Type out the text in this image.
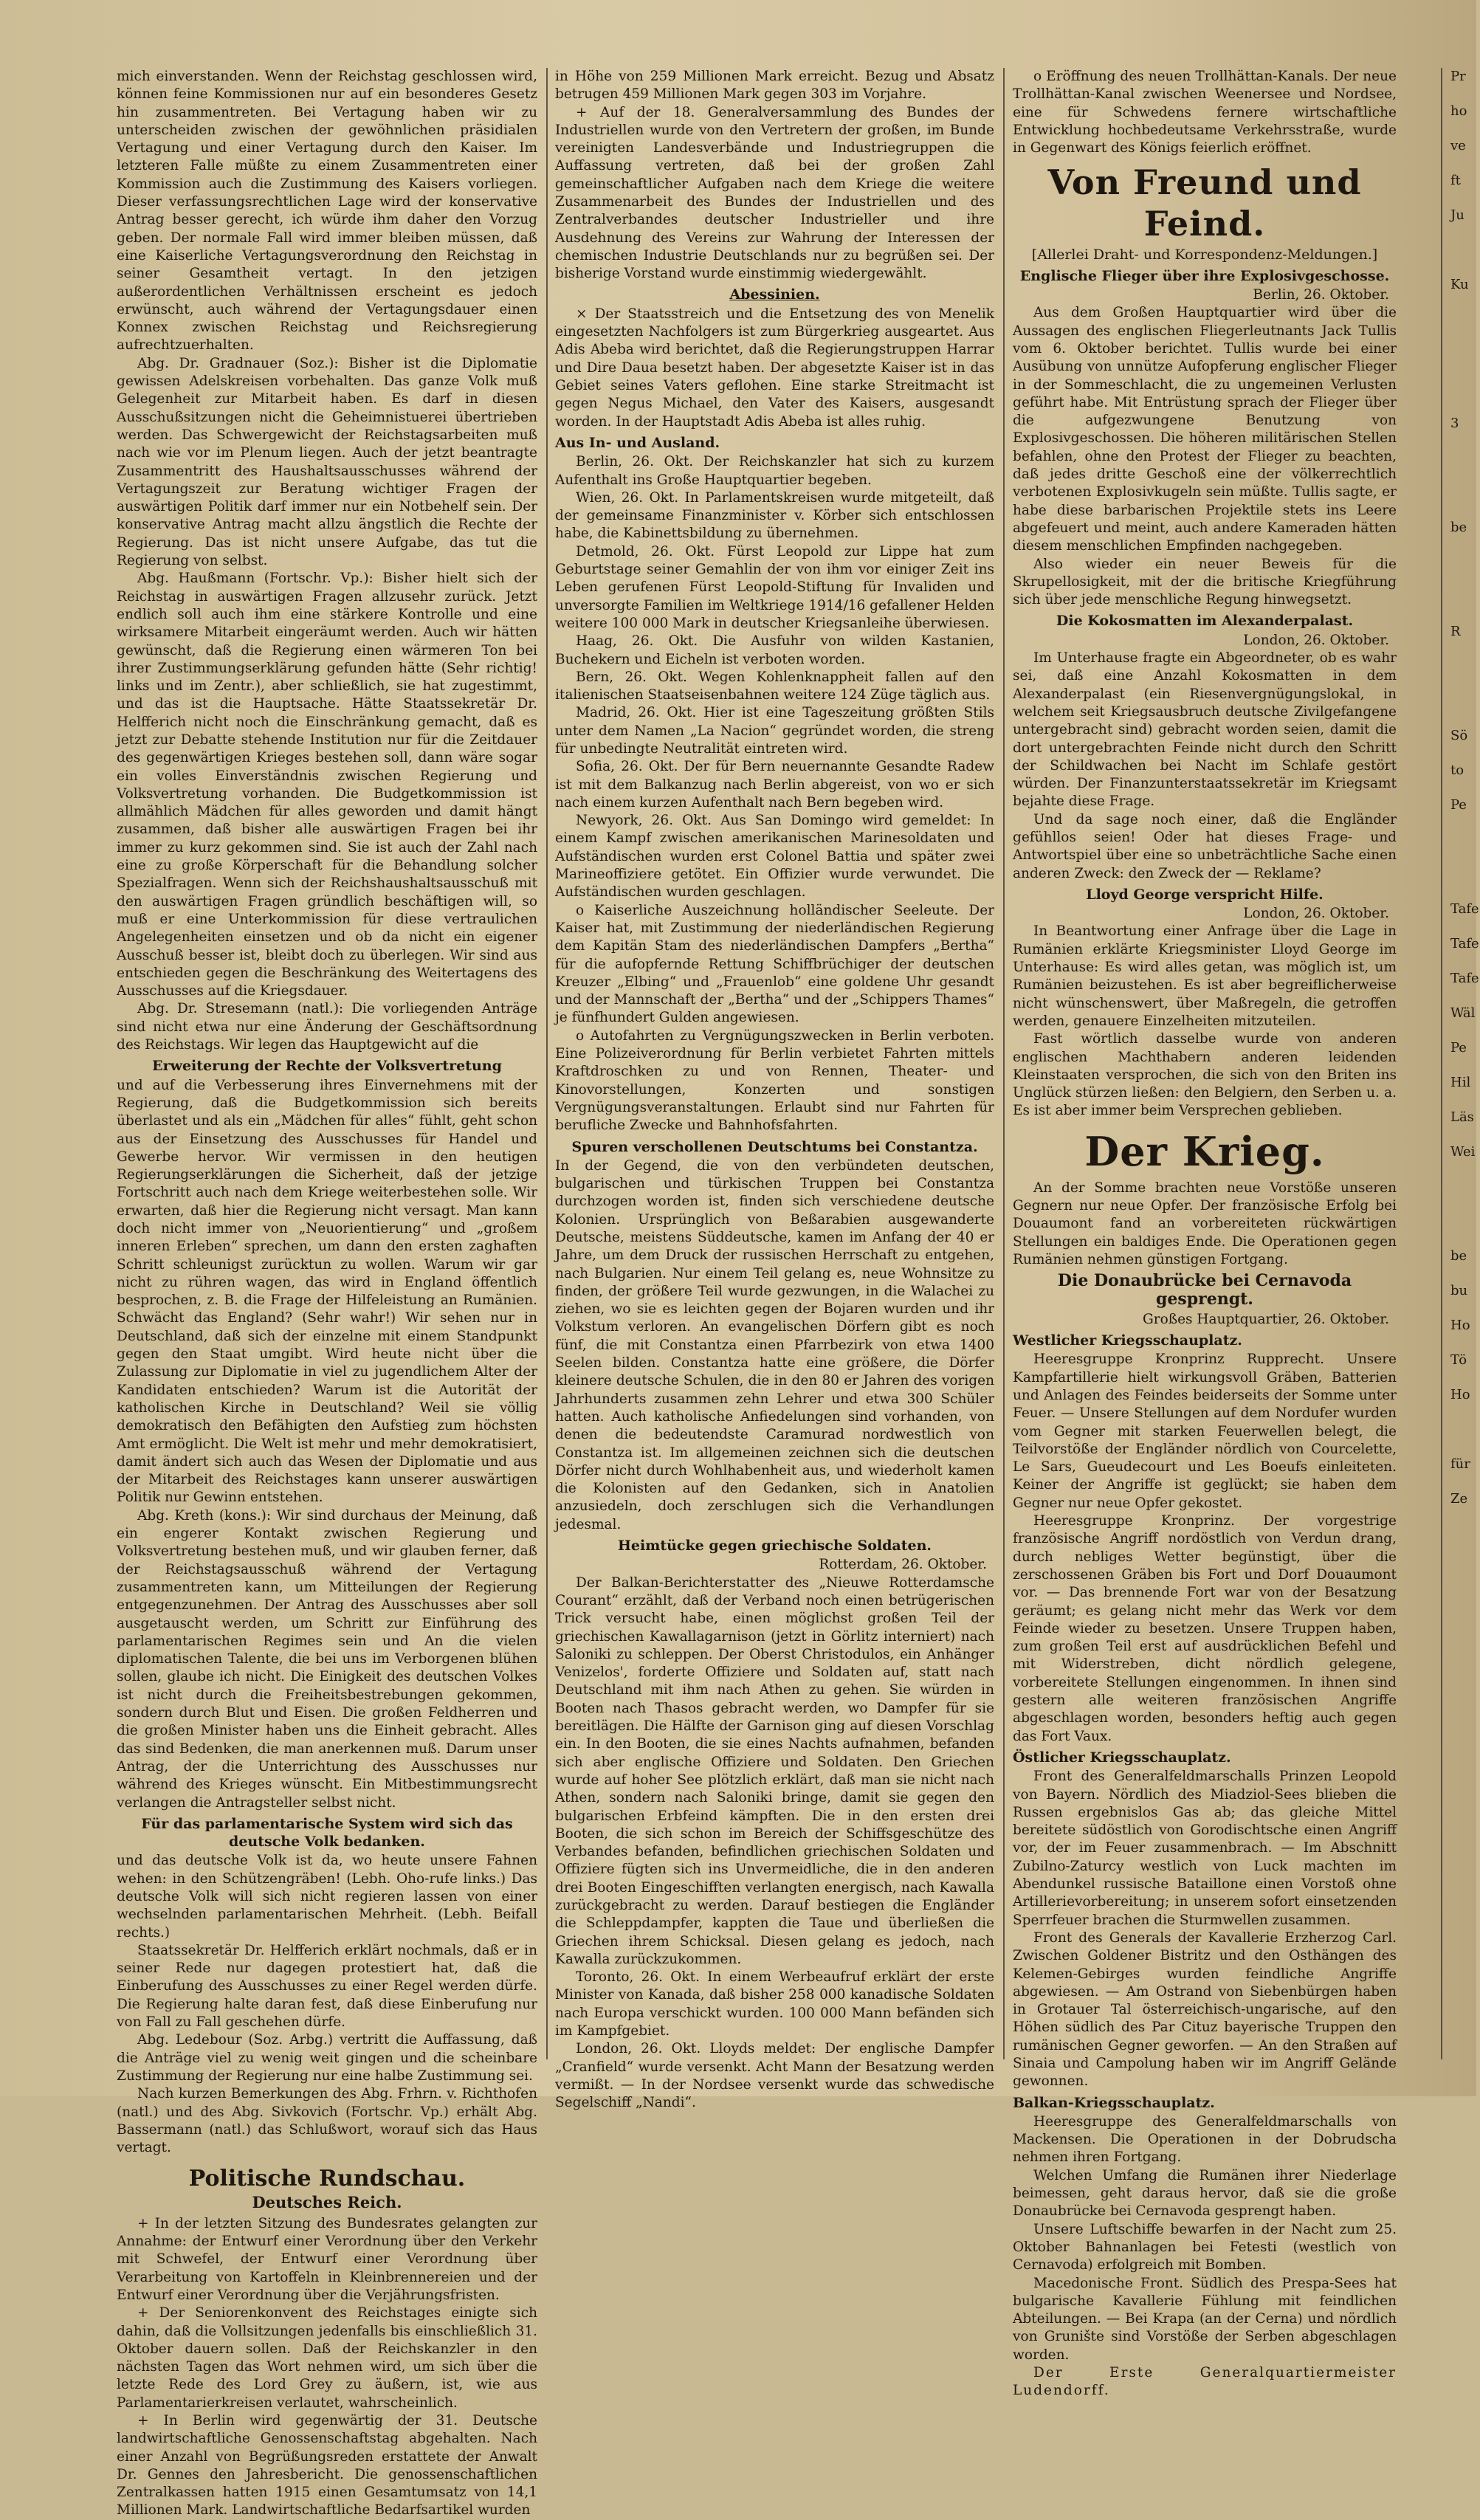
mich einverstanden. Wenn der Reichstag geschlossen wird, können feine Kommissionen nur auf ein besonderes Gesetz hin zusammentreten. Bei Vertagung haben wir zu unterscheiden zwischen der gewöhnlichen präsidialen Vertagung und einer Vertagung durch den Kaiser. Im letzteren Falle müßte zu einem Zusammentreten einer Kommission auch die Zustimmung des Kaisers vorliegen. Dieser verfassungsrechtlichen Lage wird der konservative Antrag besser gerecht, ich würde ihm daher den Vorzug geben. Der normale Fall wird immer bleiben müssen, daß eine Kaiserliche Vertagungsverordnung den Reichstag in seiner Gesamtheit vertagt. In den jetzigen außerordentlichen Verhältnissen erscheint es jedoch erwünscht, auch während der Vertagungsdauer einen Konnex zwischen Reichstag und Reichsregierung aufrechtzuerhalten.

Abg. Dr. Gradnauer (Soz.): Bisher ist die Diplomatie gewissen Adelskreisen vorbehalten. Das ganze Volk muß Gelegenheit zur Mitarbeit haben. Es darf in diesen Ausschußsitzungen nicht die Geheimnistuerei übertrieben werden. Das Schwergewicht der Reichstagsarbeiten muß nach wie vor im Plenum liegen. Auch der jetzt beantragte Zusammentritt des Haushaltsausschusses während der Vertagungszeit zur Beratung wichtiger Fragen der auswärtigen Politik darf immer nur ein Notbehelf sein. Der konservative Antrag macht allzu ängstlich die Rechte der Regierung. Das ist nicht unsere Aufgabe, das tut die Regierung von selbst.

Abg. Haußmann (Fortschr. Vp.): Bisher hielt sich der Reichstag in auswärtigen Fragen allzusehr zurück. Jetzt endlich soll auch ihm eine stärkere Kontrolle und eine wirksamere Mitarbeit eingeräumt werden. Auch wir hätten gewünscht, daß die Regierung einen wärmeren Ton bei ihrer Zustimmungserklärung gefunden hätte (Sehr richtig! links und im Zentr.), aber schließlich, sie hat zugestimmt, und das ist die Hauptsache. Hätte Staatssekretär Dr. Helfferich nicht noch die Einschränkung gemacht, daß es jetzt zur Debatte stehende Institution nur für die Zeitdauer des gegenwärtigen Krieges bestehen soll, dann wäre sogar ein volles Einverständnis zwischen Regierung und Volksvertretung vorhanden. Die Budgetkommission ist allmählich Mädchen für alles geworden und damit hängt zusammen, daß bisher alle auswärtigen Fragen bei ihr immer zu kurz gekommen sind. Sie ist auch der Zahl nach eine zu große Körperschaft für die Behandlung solcher Spezialfragen. Wenn sich der Reichshaushaltsausschuß mit den auswärtigen Fragen gründlich beschäftigen will, so muß er eine Unterkommission für diese vertraulichen Angelegenheiten einsetzen und ob da nicht ein eigener Ausschuß besser ist, bleibt doch zu überlegen. Wir sind aus entschieden gegen die Beschränkung des Weitertagens des Ausschusses auf die Kriegsdauer.

Abg. Dr. Stresemann (natl.): Die vorliegenden Anträge sind nicht etwa nur eine Änderung der Geschäftsordnung des Reichstags. Wir legen das Hauptgewicht auf die

Erweiterung der Rechte der Volksvertretung

und auf die Verbesserung ihres Einvernehmens mit der Regierung, daß die Budgetkommission sich bereits überlastet und als ein „Mädchen für alles“ fühlt, geht schon aus der Einsetzung des Ausschusses für Handel und Gewerbe hervor. Wir vermissen in den heutigen Regierungserklärungen die Sicherheit, daß der jetzige Fortschritt auch nach dem Kriege weiterbestehen solle. Wir erwarten, daß hier die Regierung nicht versagt. Man kann doch nicht immer von „Neuorientierung“ und „großem inneren Erleben“ sprechen, um dann den ersten zaghaften Schritt schleunigst zurücktun zu wollen. Warum wir gar nicht zu rühren wagen, das wird in England öffentlich besprochen, z. B. die Frage der Hilfeleistung an Rumänien. Schwächt das England? (Sehr wahr!) Wir sehen nur in Deutschland, daß sich der einzelne mit einem Standpunkt gegen den Staat umgibt. Wird heute nicht über die Zulassung zur Diplomatie in viel zu jugendlichem Alter der Kandidaten entschieden? Warum ist die Autorität der katholischen Kirche in Deutschland? Weil sie völlig demokratisch den Befähigten den Aufstieg zum höchsten Amt ermöglicht. Die Welt ist mehr und mehr demokratisiert, damit ändert sich auch das Wesen der Diplomatie und aus der Mitarbeit des Reichstages kann unserer auswärtigen Politik nur Gewinn entstehen.

Abg. Kreth (kons.): Wir sind durchaus der Meinung, daß ein engerer Kontakt zwischen Regierung und Volksvertretung bestehen muß, und wir glauben ferner, daß der Reichstagsausschuß während der Vertagung zusammentreten kann, um Mitteilungen der Regierung entgegenzunehmen. Der Antrag des Ausschusses aber soll ausgetauscht werden, um Schritt zur Einführung des parlamentarischen Regimes sein und An die vielen diplomatischen Talente, die bei uns im Verborgenen blühen sollen, glaube ich nicht. Die Einigkeit des deutschen Volkes ist nicht durch die Freiheitsbestrebungen gekommen, sondern durch Blut und Eisen. Die großen Feldherren und die großen Minister haben uns die Einheit gebracht. Alles das sind Bedenken, die man anerkennen muß. Darum unser Antrag, der die Unterrichtung des Ausschusses nur während des Krieges wünscht. Ein Mitbestimmungsrecht verlangen die Antragsteller selbst nicht.

Für das parlamentarische System wird sich das deutsche Volk bedanken.

und das deutsche Volk ist da, wo heute unsere Fahnen wehen: in den Schützengräben! (Lebh. Oho-rufe links.) Das deutsche Volk will sich nicht regieren lassen von einer wechselnden parlamentarischen Mehrheit. (Lebh. Beifall rechts.)

Staatssekretär Dr. Helfferich erklärt nochmals, daß er in seiner Rede nur dagegen protestiert hat, daß die Einberufung des Ausschusses zu einer Regel werden dürfe. Die Regierung halte daran fest, daß diese Einberufung nur von Fall zu Fall geschehen dürfe.

Abg. Ledebour (Soz. Arbg.) vertritt die Auffassung, daß die Anträge viel zu wenig weit gingen und die scheinbare Zustimmung der Regierung nur eine halbe Zustimmung sei.

Nach kurzen Bemerkungen des Abg. Frhrn. v. Richthofen (natl.) und des Abg. Sivkovich (Fortschr. Vp.) erhält Abg. Bassermann (natl.) das Schlußwort, worauf sich das Haus vertagt.

Politische Rundschau.
Deutsches Reich.

+ In der letzten Sitzung des Bundesrates gelangten zur Annahme: der Entwurf einer Verordnung über den Verkehr mit Schwefel, der Entwurf einer Verordnung über Verarbeitung von Kartoffeln in Kleinbrennereien und der Entwurf einer Verordnung über die Verjährungsfristen.

+ Der Seniorenkonvent des Reichstages einigte sich dahin, daß die Vollsitzungen jedenfalls bis einschließlich 31. Oktober dauern sollen. Daß der Reichskanzler in den nächsten Tagen das Wort nehmen wird, um sich über die letzte Rede des Lord Grey zu äußern, ist, wie aus Parlamentarierkreisen verlautet, wahrscheinlich.

+ In Berlin wird gegenwärtig der 31. Deutsche landwirtschaftliche Genossenschaftstag abgehalten. Nach einer Anzahl von Begrüßungsreden erstattete der Anwalt Dr. Gennes den Jahresbericht. Die genossenschaftlichen Zentralkassen hatten 1915 einen Gesamtumsatz von 14,1 Millionen Mark. Landwirtschaftliche Bedarfsartikel wurden

in Höhe von 259 Millionen Mark erreicht. Bezug und Absatz betrugen 459 Millionen Mark gegen 303 im Vorjahre.

+ Auf der 18. Generalversammlung des Bundes der Industriellen wurde von den Vertretern der großen, im Bunde vereinigten Landesverbände und Industriegruppen die Auffassung vertreten, daß bei der großen Zahl gemeinschaftlicher Aufgaben nach dem Kriege die weitere Zusammenarbeit des Bundes der Industriellen und des Zentralverbandes deutscher Industrieller und ihre Ausdehnung des Vereins zur Wahrung der Interessen der chemischen Industrie Deutschlands nur zu begrüßen sei. Der bisherige Vorstand wurde einstimmig wiedergewählt.

Abessinien.

× Der Staatsstreich und die Entsetzung des von Menelik eingesetzten Nachfolgers ist zum Bürgerkrieg ausgeartet. Aus Adis Abeba wird berichtet, daß die Regierungstruppen Harrar und Dire Daua besetzt haben. Der abgesetzte Kaiser ist in das Gebiet seines Vaters geflohen. Eine starke Streitmacht ist gegen Negus Michael, den Vater des Kaisers, ausgesandt worden. In der Hauptstadt Adis Abeba ist alles ruhig.

Aus In- und Ausland.

Berlin, 26. Okt. Der Reichskanzler hat sich zu kurzem Aufenthalt ins Große Hauptquartier begeben.

Wien, 26. Okt. In Parlamentskreisen wurde mitgeteilt, daß der gemeinsame Finanzminister v. Körber sich entschlossen habe, die Kabinettsbildung zu übernehmen.

Detmold, 26. Okt. Fürst Leopold zur Lippe hat zum Geburtstage seiner Gemahlin der von ihm vor einiger Zeit ins Leben gerufenen Fürst Leopold-Stiftung für Invaliden und unversorgte Familien im Weltkriege 1914/16 gefallener Helden weitere 100 000 Mark in deutscher Kriegsanleihe überwiesen.

Haag, 26. Okt. Die Ausfuhr von wilden Kastanien, Buchekern und Eicheln ist verboten worden.

Bern, 26. Okt. Wegen Kohlenknappheit fallen auf den italienischen Staatseisenbahnen weitere 124 Züge täglich aus.

Madrid, 26. Okt. Hier ist eine Tageszeitung größten Stils unter dem Namen „La Nacion“ gegründet worden, die streng für unbedingte Neutralität eintreten wird.

Sofia, 26. Okt. Der für Bern neuernannte Gesandte Radew ist mit dem Balkanzug nach Berlin abgereist, von wo er sich nach einem kurzen Aufenthalt nach Bern begeben wird.

Newyork, 26. Okt. Aus San Domingo wird gemeldet: In einem Kampf zwischen amerikanischen Marinesoldaten und Aufständischen wurden erst Colonel Battia und später zwei Marineoffiziere getötet. Ein Offizier wurde verwundet. Die Aufständischen wurden geschlagen.

o Kaiserliche Auszeichnung holländischer Seeleute. Der Kaiser hat, mit Zustimmung der niederländischen Regierung dem Kapitän Stam des niederländischen Dampfers „Bertha“ für die aufopfernde Rettung Schiffbrüchiger der deutschen Kreuzer „Elbing“ und „Frauenlob“ eine goldene Uhr gesandt und der Mannschaft der „Bertha“ und der „Schippers Thames“ je fünfhundert Gulden angewiesen.

o Autofahrten zu Vergnügungszwecken in Berlin verboten. Eine Polizeiverordnung für Berlin verbietet Fahrten mittels Kraftdroschken zu und von Rennen, Theater- und Kinovorstellungen, Konzerten und sonstigen Vergnügungsveranstaltungen. Erlaubt sind nur Fahrten für berufliche Zwecke und Bahnhofsfahrten.

Spuren verschollenen Deutschtums bei Constantza.

In der Gegend, die von den verbündeten deutschen, bulgarischen und türkischen Truppen bei Constantza durchzogen worden ist, finden sich verschiedene deutsche Kolonien. Ursprünglich von Beßarabien ausgewanderte Deutsche, meistens Süddeutsche, kamen im Anfang der 40 er Jahre, um dem Druck der russischen Herrschaft zu entgehen, nach Bulgarien. Nur einem Teil gelang es, neue Wohnsitze zu finden, der größere Teil wurde gezwungen, in die Walachei zu ziehen, wo sie es leichten gegen der Bojaren wurden und ihr Volkstum verloren. An evangelischen Dörfern gibt es noch fünf, die mit Constantza einen Pfarrbezirk von etwa 1400 Seelen bilden. Constantza hatte eine größere, die Dörfer kleinere deutsche Schulen, die in den 80 er Jahren des vorigen Jahrhunderts zusammen zehn Lehrer und etwa 300 Schüler hatten. Auch katholische Anfiedelungen sind vorhanden, von denen die bedeutendste Caramurad nordwestlich von Constantza ist. Im allgemeinen zeichnen sich die deutschen Dörfer nicht durch Wohlhabenheit aus, und wiederholt kamen die Kolonisten auf den Gedanken, sich in Anatolien anzusiedeln, doch zerschlugen sich die Verhandlungen jedesmal.

Heimtücke gegen griechische Soldaten.
Rotterdam, 26. Oktober.

Der Balkan-Berichterstatter des „Nieuwe Rotterdamsche Courant“ erzählt, daß der Verband noch einen betrügerischen Trick versucht habe, einen möglichst großen Teil der griechischen Kawallagarnison (jetzt in Görlitz interniert) nach Saloniki zu schleppen. Der Oberst Christodulos, ein Anhänger Venizelos', forderte Offiziere und Soldaten auf, statt nach Deutschland mit ihm nach Athen zu gehen. Sie würden in Booten nach Thasos gebracht werden, wo Dampfer für sie bereitlägen. Die Hälfte der Garnison ging auf diesen Vorschlag ein. In den Booten, die sie eines Nachts aufnahmen, befanden sich aber englische Offiziere und Soldaten. Den Griechen wurde auf hoher See plötzlich erklärt, daß man sie nicht nach Athen, sondern nach Saloniki bringe, damit sie gegen den bulgarischen Erbfeind kämpften. Die in den ersten drei Booten, die sich schon im Bereich der Schiffsgeschütze des Verbandes befanden, befindlichen griechischen Soldaten und Offiziere fügten sich ins Unvermeidliche, die in den anderen drei Booten Eingeschifften verlangten energisch, nach Kawalla zurückgebracht zu werden. Darauf bestiegen die Engländer die Schleppdampfer, kappten die Taue und überließen die Griechen ihrem Schicksal. Diesen gelang es jedoch, nach Kawalla zurückzukommen.

Toronto, 26. Okt. In einem Werbeaufruf erklärt der erste Minister von Kanada, daß bisher 258 000 kanadische Soldaten nach Europa verschickt wurden. 100 000 Mann befänden sich im Kampfgebiet.

London, 26. Okt. Lloyds meldet: Der englische Dampfer „Cranfield“ wurde versenkt. Acht Mann der Besatzung werden vermißt. — In der Nordsee versenkt wurde das schwedische Segelschiff „Nandi“.

o Eröffnung des neuen Trollhättan-Kanals. Der neue Trollhättan-Kanal zwischen Weenersee und Nordsee, eine für Schwedens fernere wirtschaftliche Entwicklung hochbedeutsame Verkehrsstraße, wurde in Gegenwart des Königs feierlich eröffnet.

Von Freund und Feind.
[Allerlei Draht- und Korrespondenz-Meldungen.]
Englische Flieger über ihre Explosivgeschosse.
Berlin, 26. Oktober.

Aus dem Großen Hauptquartier wird über die Aussagen des englischen Fliegerleutnants Jack Tullis vom 6. Oktober berichtet. Tullis wurde bei einer Ausübung von unnütze Aufopferung englischer Flieger in der Sommeschlacht, die zu ungemeinen Verlusten geführt habe. Mit Entrüstung sprach der Flieger über die aufgezwungene Benutzung von Explosivgeschossen. Die höheren militärischen Stellen befahlen, ohne den Protest der Flieger zu beachten, daß jedes dritte Geschoß eine der völkerrechtlich verbotenen Explosivkugeln sein müßte. Tullis sagte, er habe diese barbarischen Projektile stets ins Leere abgefeuert und meint, auch andere Kameraden hätten diesem menschlichen Empfinden nachgegeben.

Also wieder ein neuer Beweis für die Skrupellosigkeit, mit der die britische Kriegführung sich über jede menschliche Regung hinwegsetzt.

Die Kokosmatten im Alexanderpalast.
London, 26. Oktober.

Im Unterhause fragte ein Abgeordneter, ob es wahr sei, daß eine Anzahl Kokosmatten in dem Alexanderpalast (ein Riesenvergnügungslokal, in welchem seit Kriegsausbruch deutsche Zivilgefangene untergebracht sind) gebracht worden seien, damit die dort untergebrachten Feinde nicht durch den Schritt der Schildwachen bei Nacht im Schlafe gestört würden. Der Finanzunterstaatssekretär im Kriegsamt bejahte diese Frage.

Und da sage noch einer, daß die Engländer gefühllos seien! Oder hat dieses Frage- und Antwortspiel über eine so unbeträchtliche Sache einen anderen Zweck: den Zweck der — Reklame?

Lloyd George verspricht Hilfe.
London, 26. Oktober.

In Beantwortung einer Anfrage über die Lage in Rumänien erklärte Kriegsminister Lloyd George im Unterhause: Es wird alles getan, was möglich ist, um Rumänien beizustehen. Es ist aber begreiflicherweise nicht wünschenswert, über Maßregeln, die getroffen werden, genauere Einzelheiten mitzuteilen.

Fast wörtlich dasselbe wurde von anderen englischen Machthabern anderen leidenden Kleinstaaten versprochen, die sich von den Briten ins Unglück stürzen ließen: den Belgiern, den Serben u. a. Es ist aber immer beim Versprechen geblieben.

Der Krieg.

An der Somme brachten neue Vorstöße unseren Gegnern nur neue Opfer. Der französische Erfolg bei Douaumont fand an vorbereiteten rückwärtigen Stellungen ein baldiges Ende. Die Operationen gegen Rumänien nehmen günstigen Fortgang.

Die Donaubrücke bei Cernavoda gesprengt.
Großes Hauptquartier, 26. Oktober.
Westlicher Kriegsschauplatz.

Heeresgruppe Kronprinz Rupprecht. Unsere Kampfartillerie hielt wirkungsvoll Gräben, Batterien und Anlagen des Feindes beiderseits der Somme unter Feuer. — Unsere Stellungen auf dem Nordufer wurden vom Gegner mit starken Feuerwellen belegt, die Teilvorstöße der Engländer nördlich von Courcelette, Le Sars, Gueudecourt und Les Boeufs einleiteten. Keiner der Angriffe ist geglückt; sie haben dem Gegner nur neue Opfer gekostet.

Heeresgruppe Kronprinz. Der vorgestrige französische Angriff nordöstlich von Verdun drang, durch nebliges Wetter begünstigt, über die zerschossenen Gräben bis Fort und Dorf Douaumont vor. — Das brennende Fort war von der Besatzung geräumt; es gelang nicht mehr das Werk vor dem Feinde wieder zu besetzen. Unsere Truppen haben, zum großen Teil erst auf ausdrücklichen Befehl und mit Widerstreben, dicht nördlich gelegene, vorbereitete Stellungen eingenommen. In ihnen sind gestern alle weiteren französischen Angriffe abgeschlagen worden, besonders heftig auch gegen das Fort Vaux.

Östlicher Kriegsschauplatz.

Front des Generalfeldmarschalls Prinzen Leopold von Bayern. Nördlich des Miadziol-Sees blieben die Russen ergebnislos Gas ab; das gleiche Mittel bereitete südöstlich von Gorodischtsche einen Angriff vor, der im Feuer zusammenbrach. — Im Abschnitt Zubilno-Zaturcy westlich von Luck machten im Abendunkel russische Bataillone einen Vorstoß ohne Artillerievorbereitung; in unserem sofort einsetzenden Sperrfeuer brachen die Sturmwellen zusammen.

Front des Generals der Kavallerie Erzherzog Carl. Zwischen Goldener Bistritz und den Osthängen des Kelemen-Gebirges wurden feindliche Angriffe abgewiesen. — Am Ostrand von Siebenbürgen haben in Grotauer Tal österreichisch-ungarische, auf den Höhen südlich des Par Cituz bayerische Truppen den rumänischen Gegner geworfen. — An den Straßen auf Sinaia und Campolung haben wir im Angriff Gelände gewonnen.

Balkan-Kriegsschauplatz.

Heeresgruppe des Generalfeldmarschalls von Mackensen. Die Operationen in der Dobrudscha nehmen ihren Fortgang.

Welchen Umfang die Rumänen ihrer Niederlage beimessen, geht daraus hervor, daß sie die große Donaubrücke bei Cernavoda gesprengt haben.

Unsere Luftschiffe bewarfen in der Nacht zum 25. Oktober Bahnanlagen bei Fetesti (westlich von Cernavoda) erfolgreich mit Bomben.

Macedonische Front. Südlich des Prespa-Sees hat bulgarische Kavallerie Fühlung mit feindlichen Abteilungen. — Bei Krapa (an der Cerna) und nördlich von Grunište sind Vorstöße der Serben abgeschlagen worden.

Der Erste Generalquartiermeister Ludendorff.

Pr
ho
ve
ft
Ju
Ku
3
be
R
Sö
to
Pe
Tafe
Tafe
Tafe
Wäl
Pe
Hil
Läs
Wei
be
bu
Ho
Tö
Ho
für
Ze
